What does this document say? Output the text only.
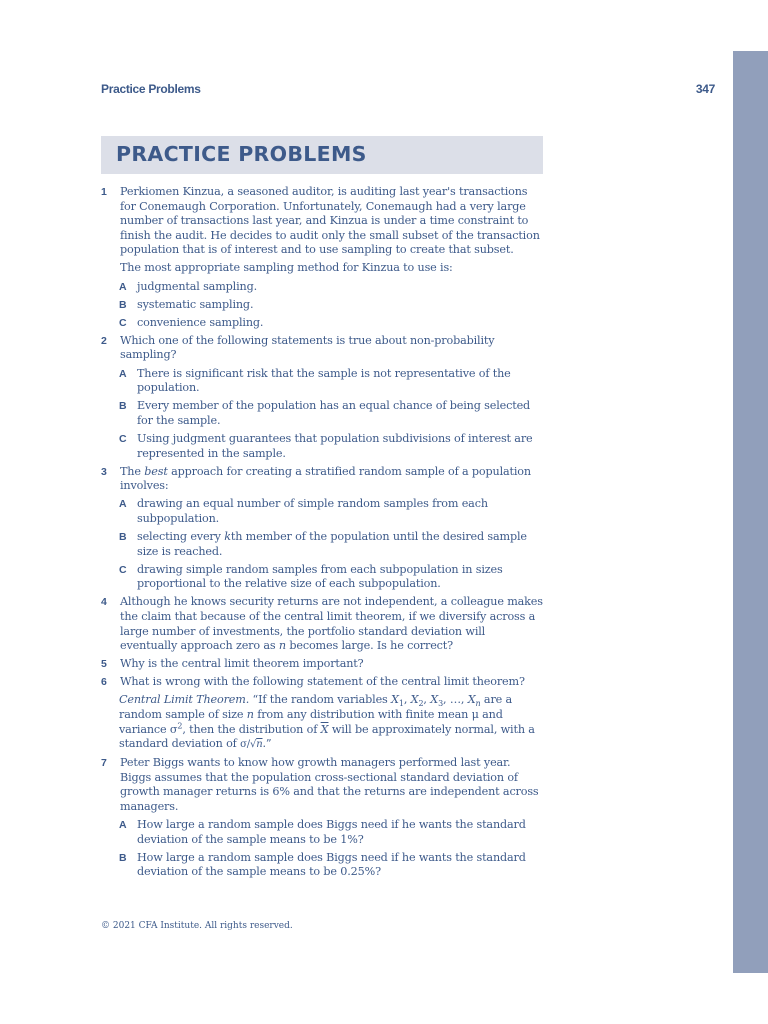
Practice Problems	347
PRACTICE PROBLEMS
1 Perkiomen Kinzua, a seasoned auditor, is auditing last year's transactions for Conemaugh Corporation. Unfortunately, Conemaugh had a very large number of transactions last year, and Kinzua is under a time constraint to finish the audit. He decides to audit only the small subset of the transaction population that is of interest and to use sampling to create that subset.

The most appropriate sampling method for Kinzua to use is:

A judgmental sampling.
B systematic sampling.
C convenience sampling.
2 Which one of the following statements is true about non-probability sampling?

A There is significant risk that the sample is not representative of the population.
B Every member of the population has an equal chance of being selected for the sample.
C Using judgment guarantees that population subdivisions of interest are represented in the sample.
3 The best approach for creating a stratified random sample of a population involves:

A drawing an equal number of simple random samples from each subpopulation.
B selecting every kth member of the population until the desired sample size is reached.
C drawing simple random samples from each subpopulation in sizes proportional to the relative size of each subpopulation.
4 Although he knows security returns are not independent, a colleague makes the claim that because of the central limit theorem, if we diversify across a large number of investments, the portfolio standard deviation will eventually approach zero as n becomes large. Is he correct?

5 Why is the central limit theorem important?

6 What is wrong with the following statement of the central limit theorem?

Central Limit Theorem. “If the random variables $X_1$, $X_2$, $X_3$, …, $X_n$ are a random sample of size n from any distribution with finite mean μ and variance $\sigma^2$, then the distribution of $\overline{X}$ will be approximately normal, with a standard deviation of σ/√n.”
7 Peter Biggs wants to know how growth managers performed last year. Biggs assumes that the population cross-sectional standard deviation of growth manager returns is 6% and that the returns are independent across managers.

A How large a random sample does Biggs need if he wants the standard deviation of the sample means to be 1%?
B How large a random sample does Biggs need if he wants the standard deviation of the sample means to be 0.25%?
© 2021 CFA Institute. All rights reserved.
